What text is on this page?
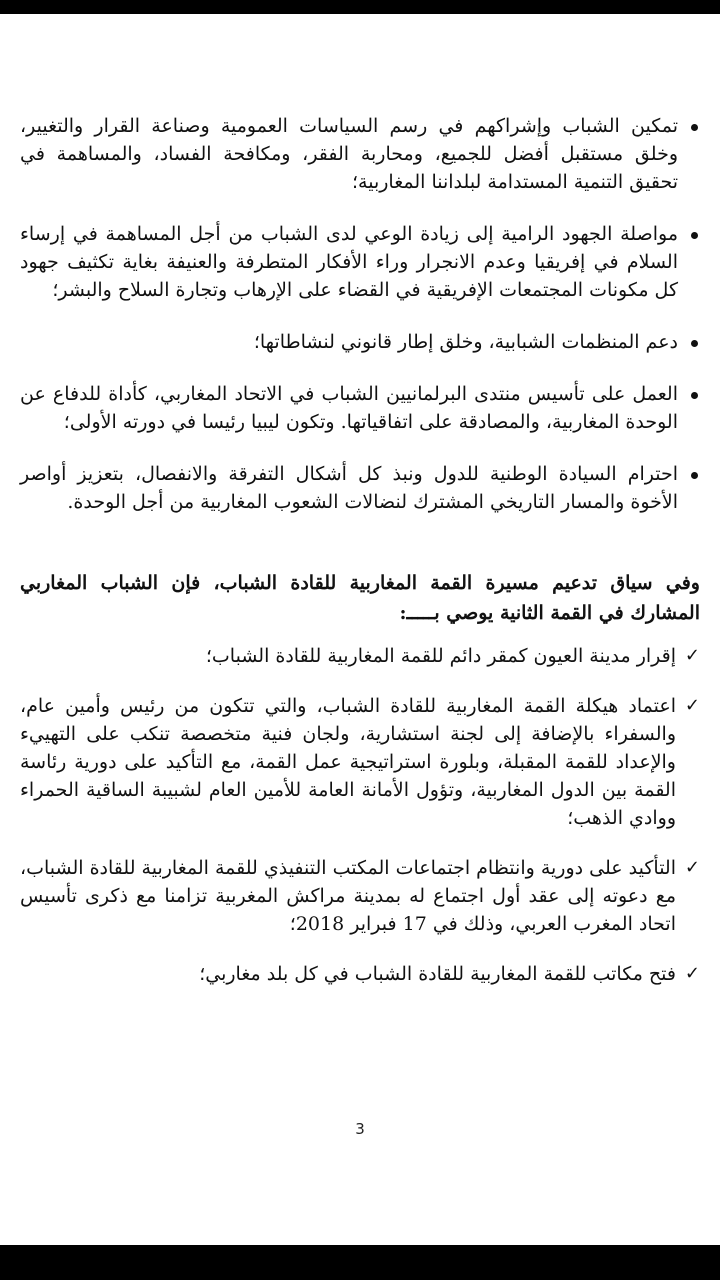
تمكين الشباب وإشراكهم في رسم السياسات العمومية وصناعة القرار والتغيير، وخلق مستقبل أفضل للجميع، ومحاربة الفقر، ومكافحة الفساد، والمساهمة في تحقيق التنمية المستدامة لبلداننا المغاربية؛
مواصلة الجهود الرامية إلى زيادة الوعي لدى الشباب من أجل المساهمة في إرساء السلام في إفريقيا وعدم الانجرار وراء الأفكار المتطرفة والعنيفة بغاية تكثيف جهود كل مكونات المجتمعات الإفريقية في القضاء على الإرهاب وتجارة السلاح والبشر؛
دعم المنظمات الشبابية، وخلق إطار قانوني لنشاطاتها؛
العمل على تأسيس منتدى البرلمانيين الشباب في الاتحاد المغاربي، كأداة للدفاع عن الوحدة المغاربية، والمصادقة على اتفاقياتها. وتكون ليبيا رئيسا في دورته الأولى؛
احترام السيادة الوطنية للدول ونبذ كل أشكال التفرقة والانفصال، بتعزيز أواصر الأخوة والمسار التاريخي المشترك لنضالات الشعوب المغاربية من أجل الوحدة.
وفي سياق تدعيم مسيرة القمة المغاربية للقادة الشباب، فإن الشباب المغاربي المشارك في القمة الثانية يوصي بـــــ:
✓
إقرار مدينة العيون كمقر دائم للقمة المغاربية للقادة الشباب؛
✓
اعتماد هيكلة القمة المغاربية للقادة الشباب، والتي تتكون من رئيس وأمين عام، والسفراء بالإضافة إلى لجنة استشارية، ولجان فنية متخصصة تنكب على التهييء والإعداد للقمة المقبلة، وبلورة استراتيجية عمل القمة، مع التأكيد على دورية رئاسة القمة بين الدول المغاربية، وتؤول الأمانة العامة للأمين العام لشبيبة الساقية الحمراء ووادي الذهب؛
✓
التأكيد على دورية وانتظام اجتماعات المكتب التنفيذي للقمة المغاربية للقادة الشباب، مع دعوته إلى عقد أول اجتماع له بمدينة مراكش المغربية تزامنا مع ذكرى تأسيس اتحاد المغرب العربي، وذلك في 17 فبراير 2018؛
✓
فتح مكاتب للقمة المغاربية للقادة الشباب في كل بلد مغاربي؛
3
